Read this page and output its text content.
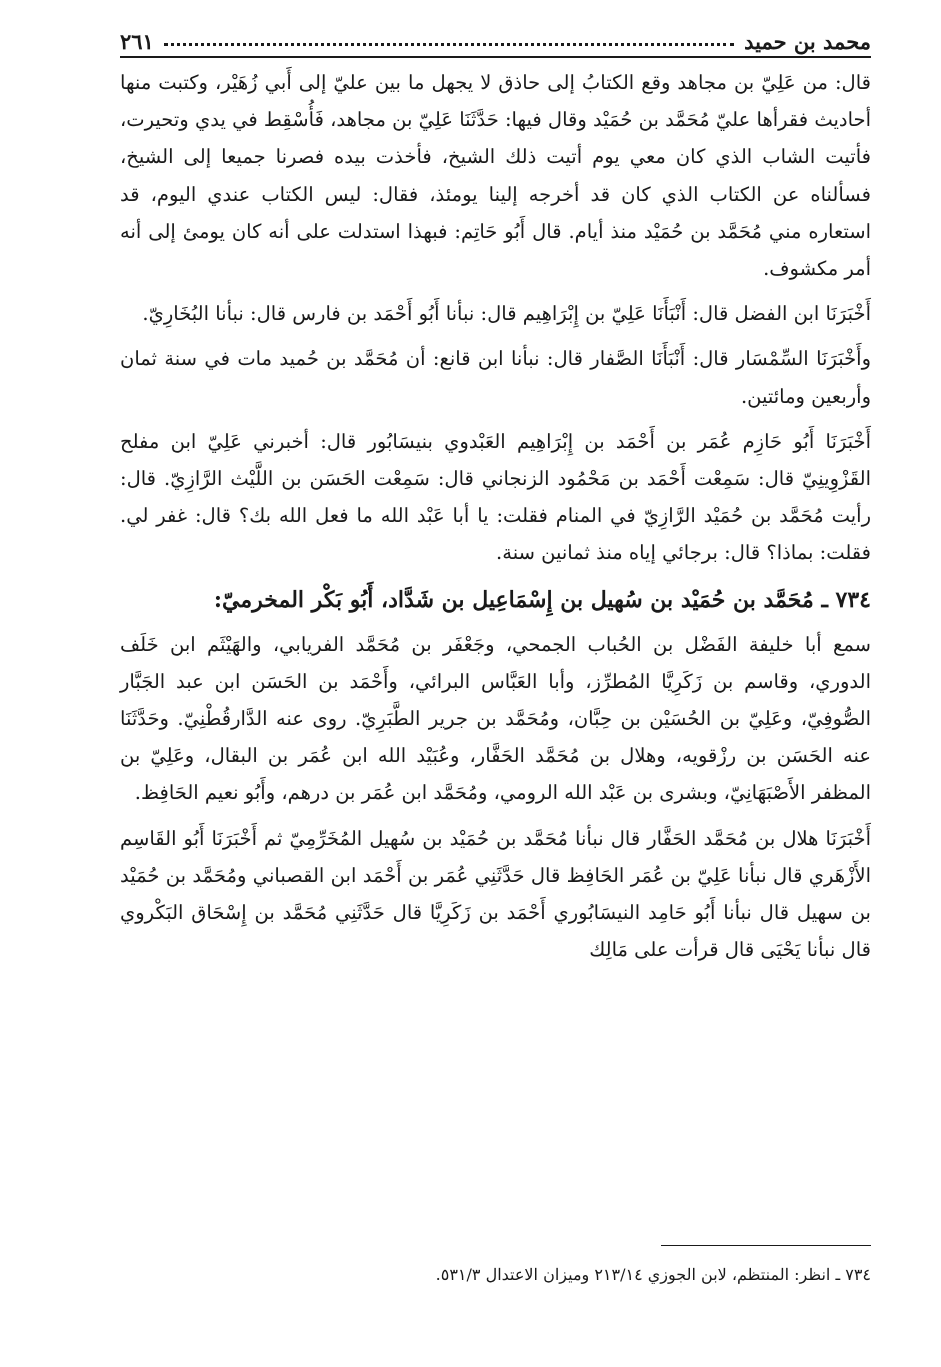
محمد بن حميد
٢٦١

قال: من عَلِيّ بن مجاهد وقع الكتابُ إلى حاذق لا يجهل ما بين عليّ إلى أَبي زُهَيْر، وكتبت منها أحاديث فقرأها عليّ مُحَمَّد بن حُمَيْد وقال فيها: حَدَّثَنَا عَلِيّ بن مجاهد، فَأُسْقِط في يدي وتحيرت، فأتيت الشاب الذي كان معي يوم أتيت ذلك الشيخ، فأخذت بيده فصرنا جميعا إلى الشيخ، فسألناه عن الكتاب الذي كان قد أخرجه إلينا يومئذ، فقال: ليس الكتاب عندي اليوم، قد استعاره مني مُحَمَّد بن حُمَيْد منذ أيام. قال أَبُو حَاتِم: فبهذا استدلت على أنه كان يومئ إلى أنه أمر مكشوف.

أَخْبَرَنَا ابن الفضل قال: أَنْبَأَنَا عَلِيّ بن إِبْرَاهِيم قال: نبأنا أَبُو أَحْمَد بن فارس قال: نبأنا البُخَارِيّ.

وأَخْبَرَنَا السِّمْسَار قال: أَنْبَأَنَا الصَّفار قال: نبأنا ابن قانع: أن مُحَمَّد بن حُميد مات في سنة ثمان وأربعين ومائتين.

أَخْبَرَنَا أَبُو حَازِم عُمَر بن أَحْمَد بن إِبْرَاهِيم العَبْدوي بنيسَابُور قال: أخبرني عَلِيّ ابن مفلح القَزْوِينِيّ قال: سَمِعْت أَحْمَد بن مَحْمُود الزنجاني قال: سَمِعْت الحَسَن بن اللَّيْث الرَّازِيّ. قال: رأيت مُحَمَّد بن حُمَيْد الرَّازِيّ في المنام فقلت: يا أبا عَبْد الله ما فعل الله بك؟ قال: غفر لي. فقلت: بماذا؟ قال: برجائي إياه منذ ثمانين سنة.

٧٣٤ ـ مُحَمَّد بن حُمَيْد بن سُهيل بن إِسْمَاعِيل بن شَدَّاد، أَبُو بَكْر المخرميّ:

سمع أبا خليفة الفَضْل بن الحُباب الجمحي، وجَعْفَر بن مُحَمَّد الفريابي، والهَيْثَم ابن خَلَف الدوري، وقاسم بن زَكَرِيَّا المُطرِّز، وأبا العَبَّاس البرائي، وأَحْمَد بن الحَسَن ابن عبد الجَبَّار الصُّوفِيّ، وعَلِيّ بن الحُسَيْن بن حِبَّان، ومُحَمَّد بن جرير الطَّبَرِيّ. روى عنه الدَّارقُطْنِيّ. وحَدَّثَنَا عنه الحَسَن بن رزْقويه، وهلال بن مُحَمَّد الحَفَّار، وعُبَيْد الله ابن عُمَر بن البقال، وعَلِيّ بن المظفر الأَصْبَهَانِيّ، وبشرى بن عَبْد الله الرومي، ومُحَمَّد ابن عُمَر بن درهم، وأَبُو نعيم الحَافِظ.

أَخْبَرَنَا هلال بن مُحَمَّد الحَفَّار قال نبأنا مُحَمَّد بن حُمَيْد بن سُهيل المُخَرِّمِيّ ثم أَخْبَرَنَا أَبُو القَاسِم الأَزْهَري قال نبأنا عَلِيّ بن عُمَر الحَافِظ قال حَدَّثَنِي عُمَر بن أَحْمَد ابن القصباني ومُحَمَّد بن حُمَيْد بن سهيل قال نبأنا أَبُو حَامِد النيسَابُوري أَحْمَد بن زَكَرِيَّا قال حَدَّثَنِي مُحَمَّد بن إِسْحَاق البَكْروي قال نبأنا يَحْيَى قال قرأت على مَالِك

٧٣٤ ـ انظر: المنتظم، لابن الجوزي ٢١٣/١٤ وميزان الاعتدال ٥٣١/٣.
